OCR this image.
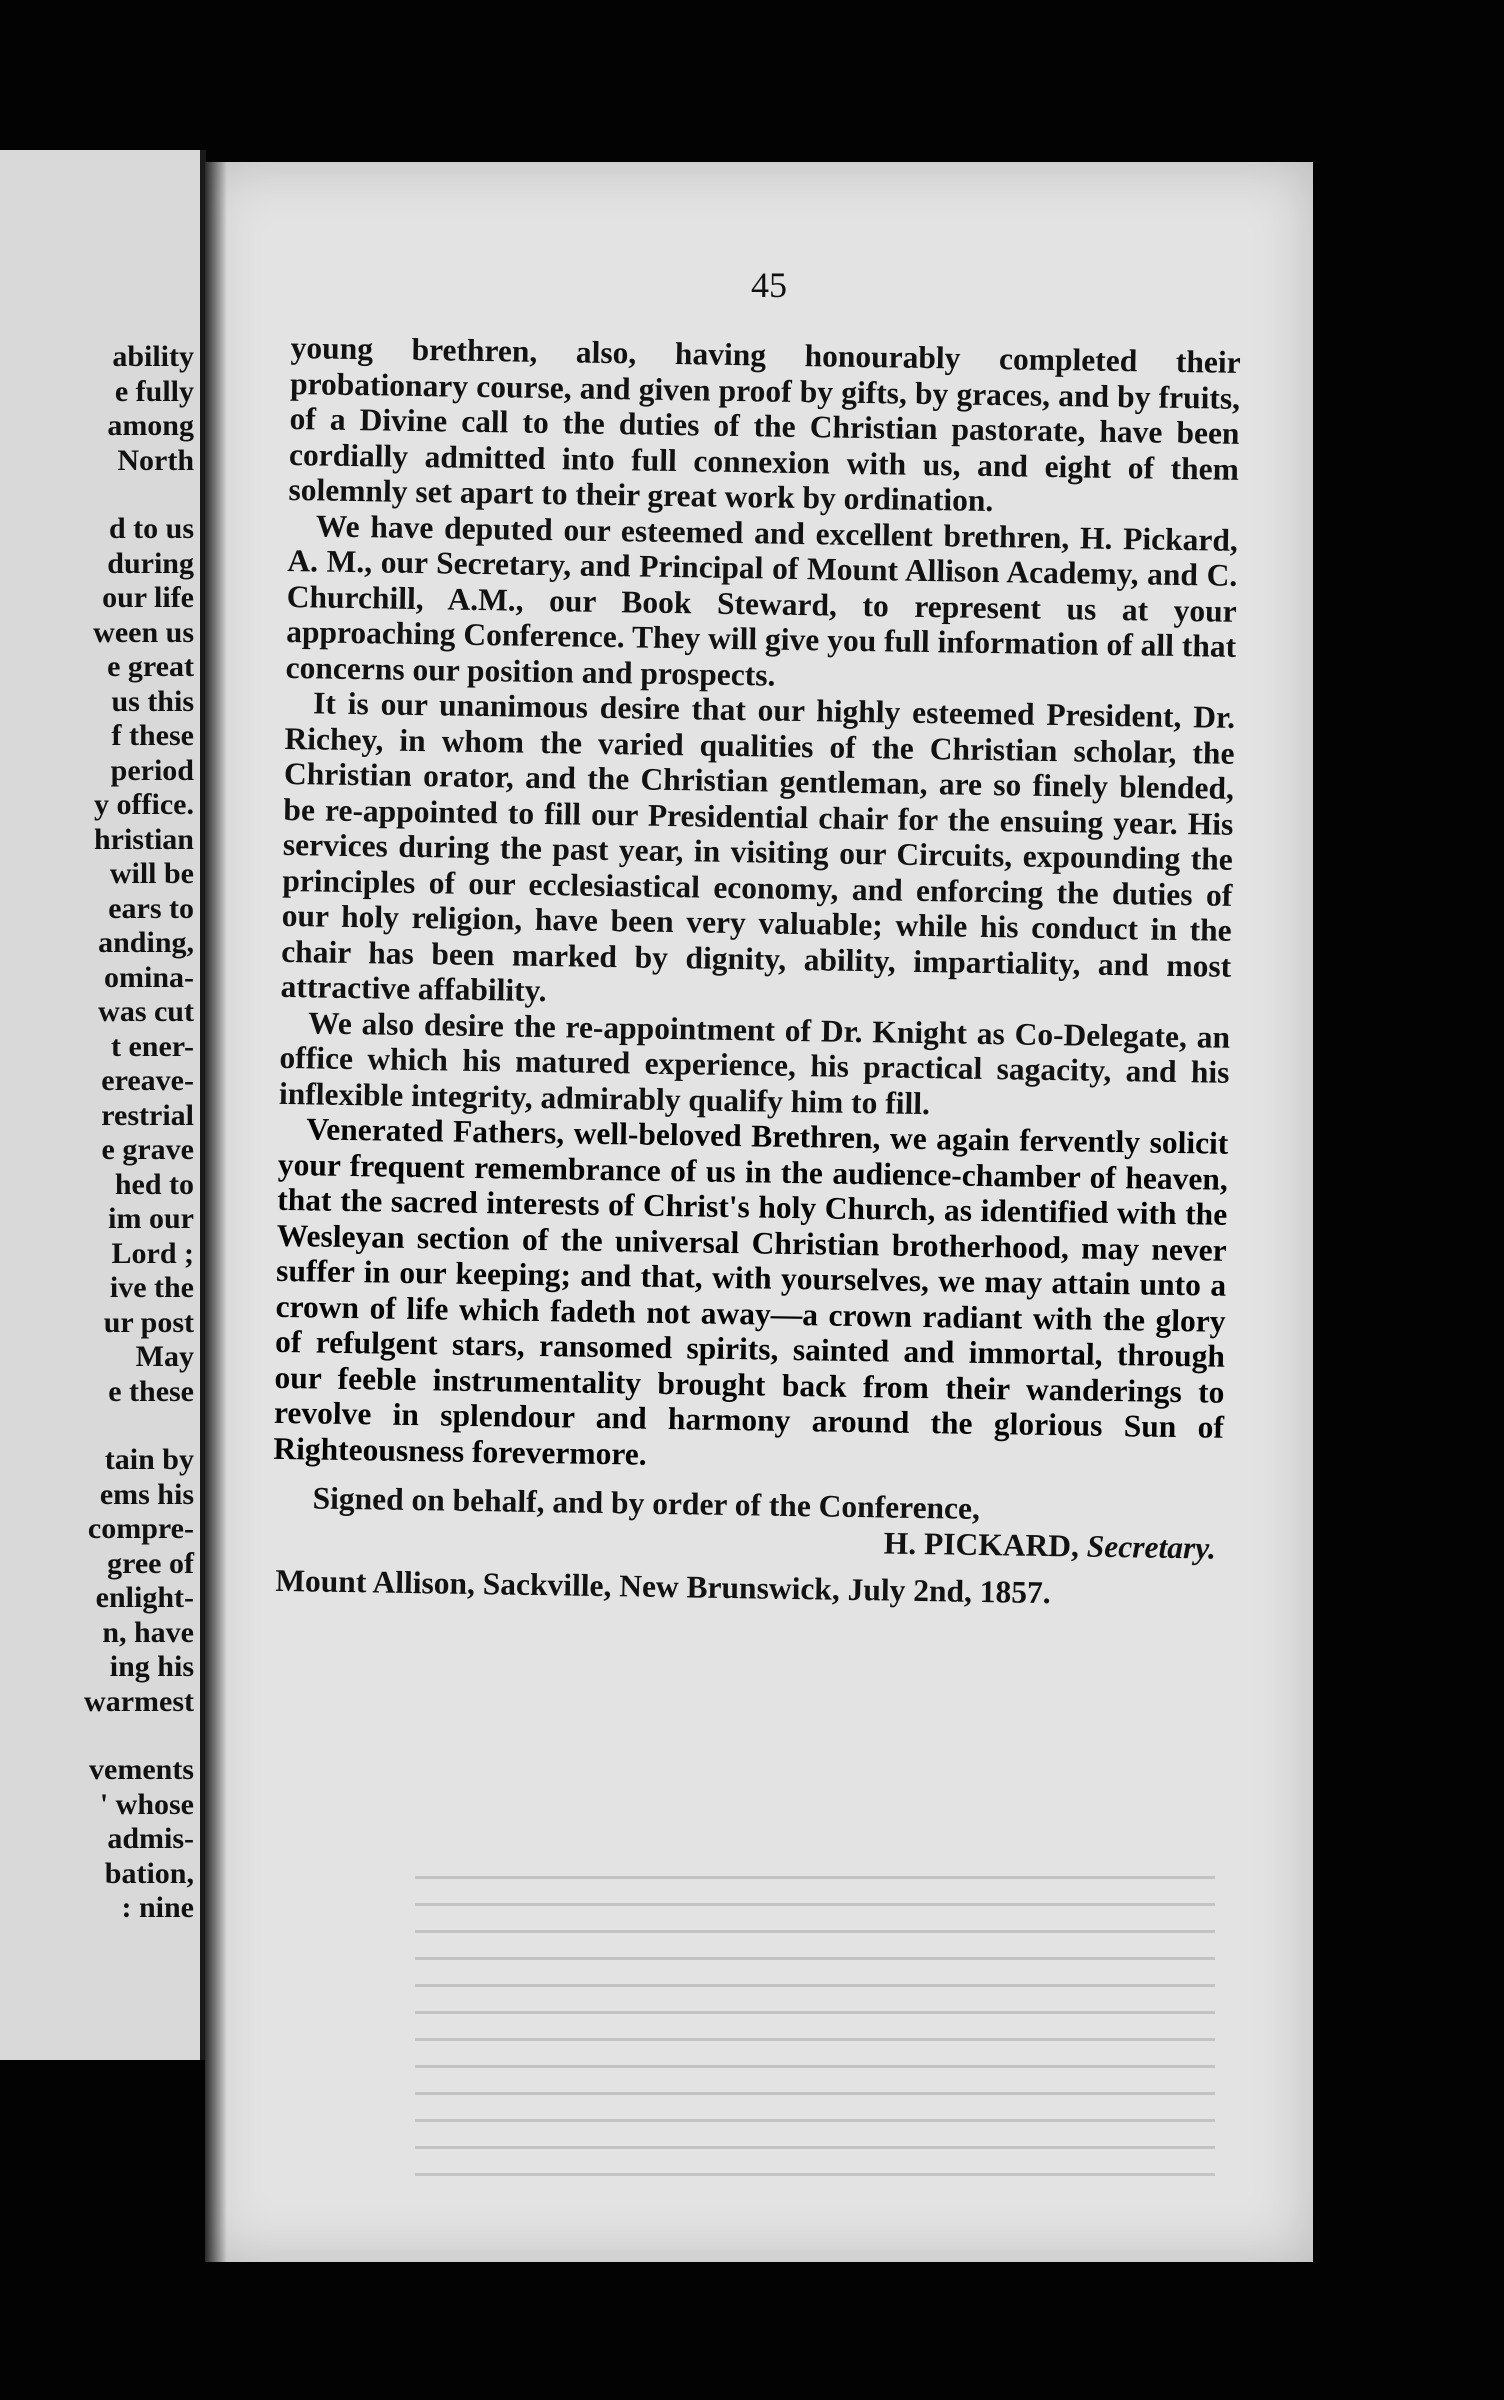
ability
e fully
among
North

d to us
during
our life
ween us
e great
us this
f these
period
y office.
hristian
will be
ears to
anding,
omina-
was cut
t ener-
ereave-
restrial
e grave
hed to
im our
Lord ;
ive the
ur post
May
e these

tain by
ems his
compre-
gree of
enlight-
n, have
ing his
warmest

vements
' whose
admis-
bation,
: nine
45

young brethren, also, having honourably completed their probationary course, and given proof by gifts, by graces, and by fruits, of a Divine call to the duties of the Christian pastorate, have been cordially admitted into full connexion with us, and eight of them solemnly set apart to their great work by ordination.

We have deputed our esteemed and excellent brethren, H. Pickard, A. M., our Secretary, and Principal of Mount Allison Academy, and C. Churchill, A.M., our Book Steward, to represent us at your approaching Conference. They will give you full information of all that concerns our position and prospects.

It is our unanimous desire that our highly esteemed President, Dr. Richey, in whom the varied qualities of the Christian scholar, the Christian orator, and the Christian gentleman, are so finely blended, be re-appointed to fill our Presidential chair for the ensuing year. His services during the past year, in visiting our Circuits, expounding the principles of our ecclesiastical economy, and enforcing the duties of our holy religion, have been very valuable; while his conduct in the chair has been marked by dignity, ability, impartiality, and most attractive affability.

We also desire the re-appointment of Dr. Knight as Co-Delegate, an office which his matured experience, his practical sagacity, and his inflexible integrity, admirably qualify him to fill.

Venerated Fathers, well-beloved Brethren, we again fervently solicit your frequent remembrance of us in the audience-chamber of heaven, that the sacred interests of Christ's holy Church, as identified with the Wesleyan section of the universal Christian brotherhood, may never suffer in our keeping; and that, with yourselves, we may attain unto a crown of life which fadeth not away—a crown radiant with the glory of refulgent stars, ransomed spirits, sainted and immortal, through our feeble instrumentality brought back from their wanderings to revolve in splendour and harmony around the glorious Sun of Righteousness forevermore.

Signed on behalf, and by order of the Conference,

H. PICKARD, Secretary.

Mount Allison, Sackville, New Brunswick, July 2nd, 1857.
